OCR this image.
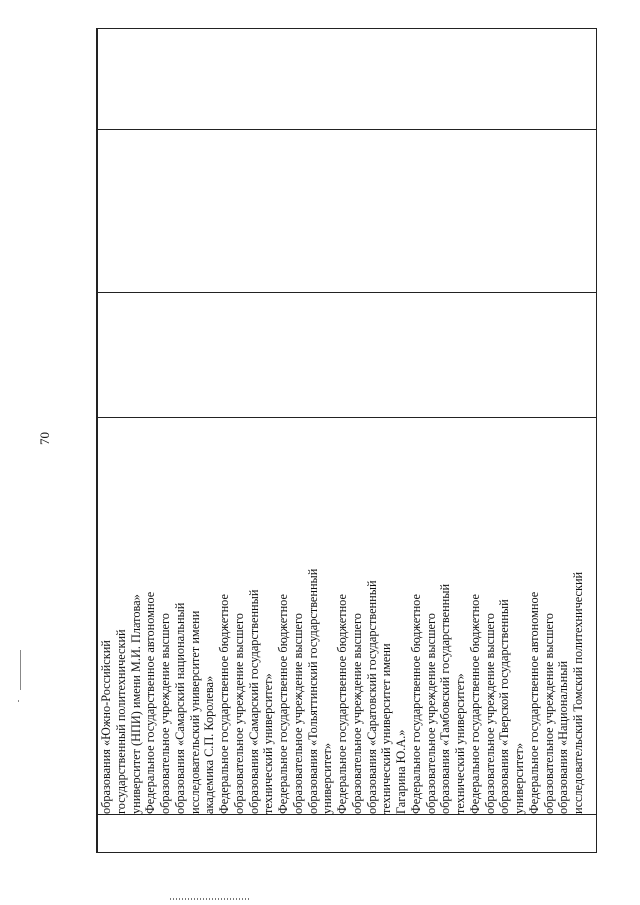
70
образования «Южно-Российский государственный политехнический университет (НПИ) имени М.И. Платова» Федеральное государственное автономное образовательное учреждение высшего образования «Самарский национальный исследовательский университет имени академика С.П. Королева» Федеральное государственное бюджетное образовательное учреждение высшего образования «Самарский государственный технический университет» Федеральное государственное бюджетное образовательное учреждение высшего образования «Тольяттинский государственный университет» Федеральное государственное бюджетное образовательное учреждение высшего образования «Саратовский государственный технический университет имени Гагарина Ю.А.» Федеральное государственное бюджетное образовательное учреждение высшего образования «Тамбовский государственный технический университет» Федеральное государственное бюджетное образовательное учреждение высшего образования «Тверской государственный университет» Федеральное государственное автономное образовательное учреждение высшего образования «Национальный исследовательский Томский политехнический
